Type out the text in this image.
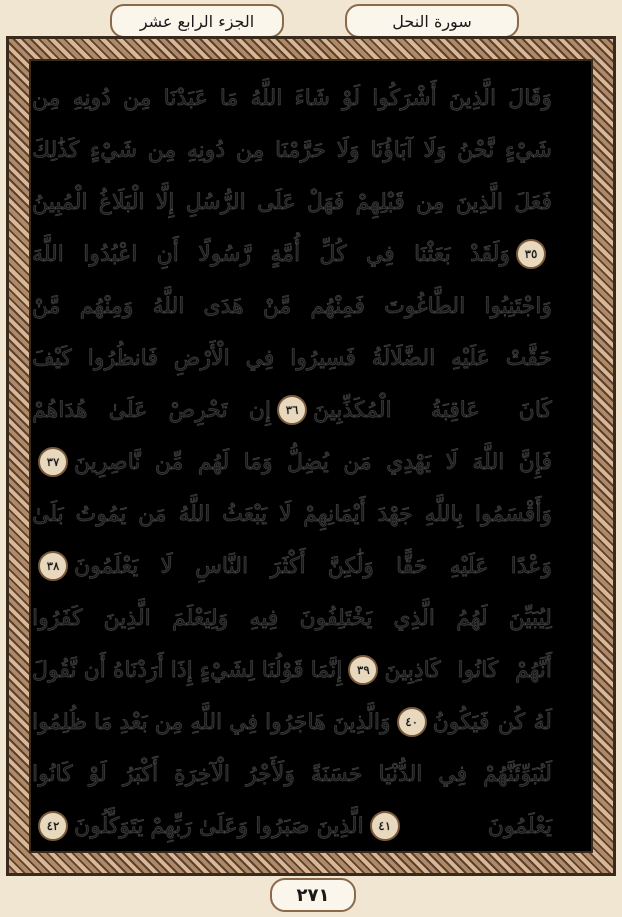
الجزء الرابع عشر	سورة النحل
وَقَالَ الَّذِينَ أَشْرَكُوا لَوْ شَاءَ اللَّهُ مَا عَبَدْنَا مِن دُونِهِ مِن
شَيْءٍ نَّحْنُ وَلَا آبَاؤُنَا وَلَا حَرَّمْنَا مِن دُونِهِ مِن شَيْءٍ كَذَٰلِكَ
فَعَلَ الَّذِينَ مِن قَبْلِهِمْ فَهَلْ عَلَى الرُّسُلِ إِلَّا الْبَلَاغُ الْمُبِينُ
٣٥
وَلَقَدْ بَعَثْنَا فِي كُلِّ أُمَّةٍ رَّسُولًا أَنِ اعْبُدُوا اللَّهَ
وَاجْتَنِبُوا الطَّاغُوتَ فَمِنْهُم مَّنْ هَدَى اللَّهُ وَمِنْهُم مَّنْ
حَقَّتْ عَلَيْهِ الضَّلَالَةُ فَسِيرُوا فِي الْأَرْضِ فَانظُرُوا كَيْفَ
كَانَ عَاقِبَةُ الْمُكَذِّبِينَ
٣٦
إِن تَحْرِصْ عَلَىٰ هُدَاهُمْ
فَإِنَّ اللَّهَ لَا يَهْدِي مَن يُضِلُّ وَمَا لَهُم مِّن نَّاصِرِينَ
٣٧
وَأَقْسَمُوا بِاللَّهِ جَهْدَ أَيْمَانِهِمْ لَا يَبْعَثُ اللَّهُ مَن يَمُوتُ بَلَىٰ
وَعْدًا عَلَيْهِ حَقًّا وَلَٰكِنَّ أَكْثَرَ النَّاسِ لَا يَعْلَمُونَ
٣٨
لِيُبَيِّنَ لَهُمُ الَّذِي يَخْتَلِفُونَ فِيهِ وَلِيَعْلَمَ الَّذِينَ كَفَرُوا
أَنَّهُمْ كَانُوا كَاذِبِينَ
٣٩
إِنَّمَا قَوْلُنَا لِشَيْءٍ إِذَا أَرَدْنَاهُ أَن نَّقُولَ
لَهُ كُن فَيَكُونُ
٤٠
وَالَّذِينَ هَاجَرُوا فِي اللَّهِ مِن بَعْدِ مَا ظُلِمُوا
لَنُبَوِّئَنَّهُمْ فِي الدُّنْيَا حَسَنَةً وَلَأَجْرُ الْآخِرَةِ أَكْبَرُ لَوْ كَانُوا
يَعْلَمُونَ
٤١
الَّذِينَ صَبَرُوا وَعَلَىٰ رَبِّهِمْ يَتَوَكَّلُونَ
٤٢
٢٧١
